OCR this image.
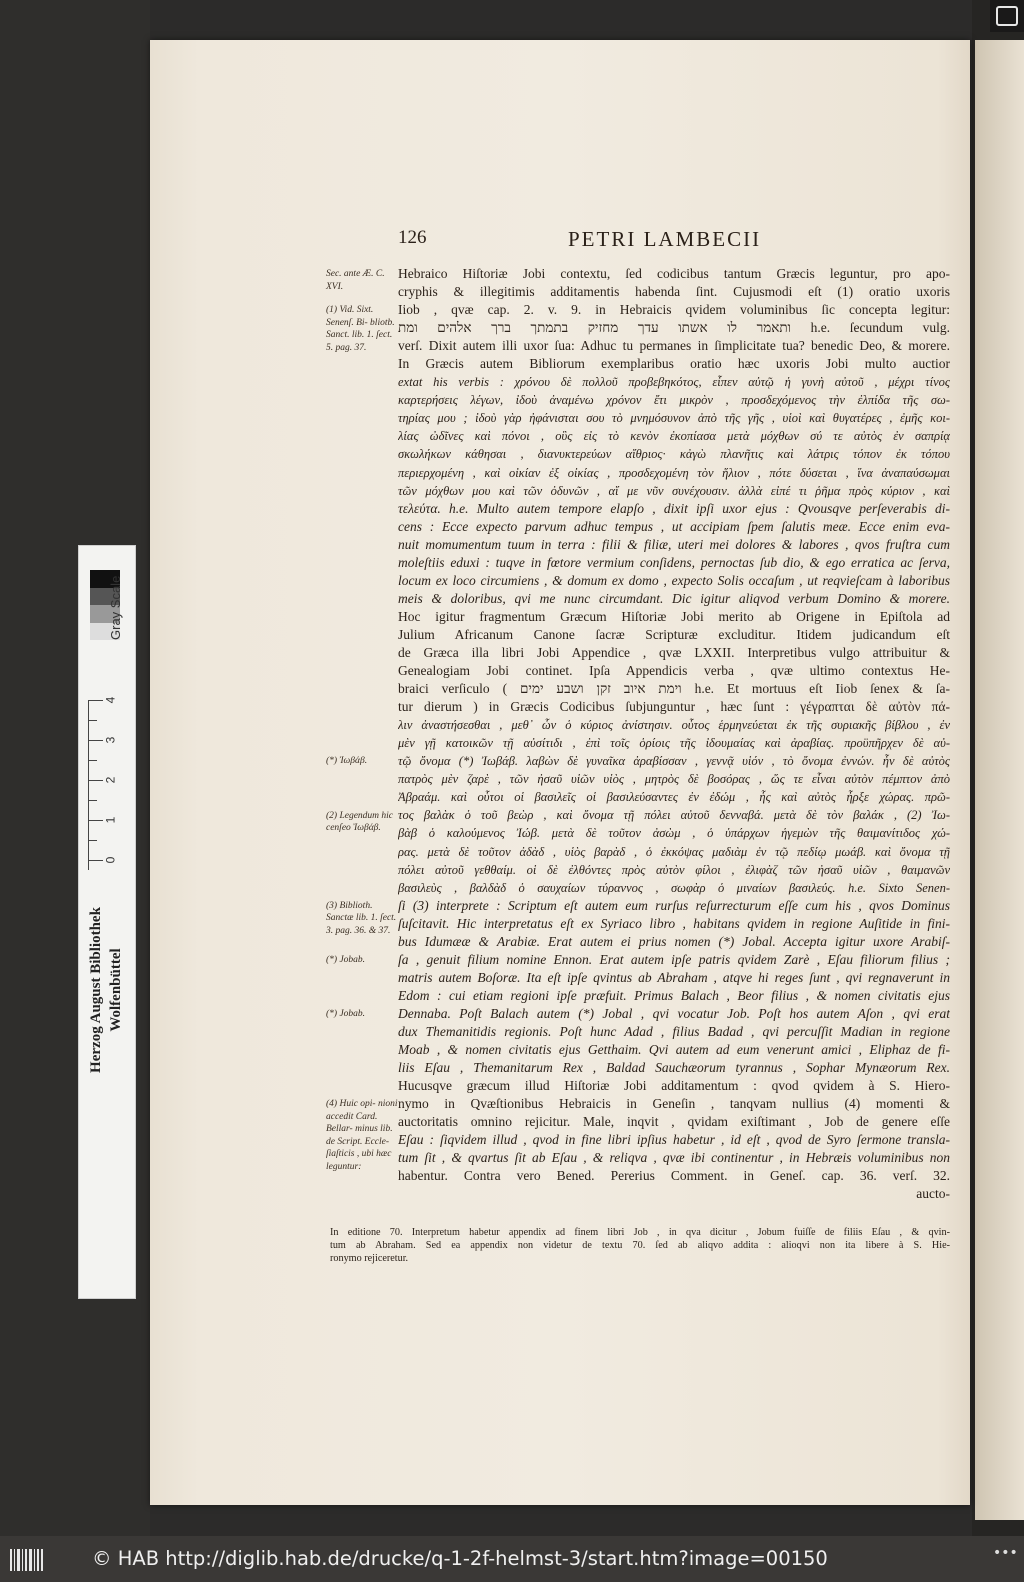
126	PETRI LAMBECII
Hebraico Hiſtoriæ Jobi contextu, ſed codicibus tantum Græcis leguntur, pro apo-
cryphis & illegitimis additamentis habenda ſint. Cujusmodi eſt (1) oratio uxoris
Iiob , qvæ cap. 2. v. 9. in Hebraicis qvidem voluminibus ſic concepta legitur:
ותאמר לו אשתו עדך מחזיק בתמתך ברך אלהים ומת h.e. ſecundum vulg.
verſ. Dixit autem illi uxor ſua: Adhuc tu permanes in ſimplicitate tua? benedic Deo, & morere.
In Græcis autem Bibliorum exemplaribus oratio hæc uxoris Jobi multo auctior
extat his verbis : χρόνου δὲ πολλοῦ προβεβηκότος, εἶπεν αὐτῷ ἡ γυνὴ αὐτοῦ , μέχρι τίνος
καρτερήσεις λέγων, ἰδοὺ ἀναμένω χρόνον ἔτι μικρὸν , προσδεχόμενος τὴν ἐλπίδα τῆς σω-
τηρίας μου ; ἰδοὺ γὰρ ἠφάνισται σου τὸ μνημόσυνον ἀπὸ τῆς γῆς , υἱοὶ καὶ θυγατέρες , ἐμῆς κοι-
λίας ὠδῖνες καὶ πόνοι , οὓς εἰς τὸ κενὸν ἐκοπίασα μετὰ μόχθων σύ τε αὐτὸς ἐν σαπρίᾳ
σκωλήκων κάθησαι , διανυκτερεύων αἴθριος· κἀγὼ πλανῆτις καὶ λάτρις τόπον ἐκ τόπου
περιερχομένη , καὶ οἰκίαν ἐξ οἰκίας , προσδεχομένη τὸν ἥλιον , πότε δύσεται , ἵνα ἀναπαύσωμαι
τῶν μόχθων μου καὶ τῶν ὀδυνῶν , αἵ με νῦν συνέχουσιν. ἀλλὰ εἰπέ τι ῥῆμα πρὸς κύριον , καὶ
τελεύτα. h.e. Multo autem tempore elapſo , dixit ipſi uxor ejus : Qvousqve perſeverabis di-
cens : Ecce expecto parvum adhuc tempus , ut accipiam ſpem ſalutis meæ. Ecce enim eva-
nuit momumentum tuum in terra : filii & filiæ, uteri mei dolores & labores , qvos fruſtra cum
moleſtiis eduxi : tuqve in fœtore vermium conſidens, pernoctas ſub dio, & ego erratica ac ſerva,
locum ex loco circumiens , & domum ex domo , expecto Solis occaſum , ut reqvieſcam à laboribus
meis & doloribus, qvi me nunc circumdant. Dic igitur aliqvod verbum Domino & morere.
Hoc igitur fragmentum Græcum Hiſtoriæ Jobi merito ab Origene in Epiſtola ad
Julium Africanum Canone ſacræ Scripturæ excluditur. Itidem judicandum eſt
de Græca illa libri Jobi Appendice , qvæ LXXII. Interpretibus vulgo attribuitur &
Genealogiam Jobi continet. Ipſa Appendicis verba , qvæ ultimo contextus He-
braici verſiculo ( וימת איוב זקן ושבע ימים h.e. Et mortuus eſt Iiob ſenex & ſa-
tur dierum ) in Græcis Codicibus ſubjunguntur , hæc ſunt : γέγραπται δὲ αὐτὸν πά-
λιν ἀναστήσεσθαι , μεθ᾽ ὧν ὁ κύριος ἀνίστησιν. οὗτος ἑρμηνεύεται ἐκ τῆς συριακῆς βίβλου , ἐν
μὲν γῇ κατοικῶν τῇ αὐσίτιδι , ἐπὶ τοῖς ὁρίοις τῆς ἰδουμαίας καὶ ἀραβίας. προϋπῆρχεν δὲ αὐ-
τῷ ὄνομα (*) Ἰωβάβ. λαβὼν δὲ γυναῖκα ἀραβίσσαν , γεννᾷ υἱόν , τὸ ὄνομα ἐννών. ἦν δὲ αὐτὸς
πατρὸς μὲν ζαρὲ , τῶν ἠσαῦ υἱῶν υἱὸς , μητρὸς δὲ βοσόρας , ὥς τε εἶναι αὐτὸν πέμπτον ἀπὸ
Ἀβραάμ. καὶ οὗτοι οἱ βασιλεῖς οἱ βασιλεύσαντες ἐν ἐδώμ , ἧς καὶ αὐτὸς ἦρξε χώρας. πρῶ-
τος βαλὰκ ὁ τοῦ βεὼρ , καὶ ὄνομα τῇ πόλει αὐτοῦ δενναβά. μετὰ δὲ τὸν βαλάκ , (2) Ἰω-
βὰβ ὁ καλούμενος Ἰώβ. μετὰ δὲ τοῦτον ἀσὼμ , ὁ ὑπάρχων ἡγεμὼν τῆς θαιμανίτιδος χώ-
ρας. μετὰ δὲ τοῦτον ἀδὰδ , υἱὸς βαρὰδ , ὁ ἐκκόψας μαδιὰμ ἐν τῷ πεδίῳ μωάβ. καὶ ὄνομα τῇ
πόλει αὐτοῦ γεθθαίμ. οἱ δὲ ἐλθόντες πρὸς αὐτὸν φίλοι , ἐλιφὰζ τῶν ἠσαῦ υἱῶν , θαιμανῶν
βασιλεὺς , βαλδὰδ ὁ σαυχαίων τύραννος , σωφὰρ ὁ μιναίων βασιλεύς. h.e. Sixto Senen-
ſi (3) interprete : Scriptum eſt autem eum rurſus reſurrecturum eſſe cum his , qvos Dominus
ſuſcitavit. Hic interpretatus eſt ex Syriaco libro , habitans qvidem in regione Auſitide in fini-
bus Idumææ & Arabiæ. Erat autem ei prius nomen (*) Jobal. Accepta igitur uxore Arabiſ-
ſa , genuit filium nomine Ennon. Erat autem ipſe patris qvidem Zarè , Eſau filiorum filius ;
matris autem Boſoræ. Ita eſt ipſe qvintus ab Abraham , atqve hi reges ſunt , qvi regnaverunt in
Edom : cui etiam regioni ipſe præfuit. Primus Balach , Beor filius , & nomen civitatis ejus
Dennaba. Poſt Balach autem (*) Jobal , qvi vocatur Job. Poſt hos autem Aſon , qvi erat
dux Themanitidis regionis. Poſt hunc Adad , filius Badad , qvi percuſſit Madian in regione
Moab , & nomen civitatis ejus Getthaim. Qvi autem ad eum venerunt amici , Eliphaz de fi-
liis Eſau , Themanitarum Rex , Baldad Sauchæorum tyrannus , Sophar Mynæorum Rex.
Hucusqve græcum illud Hiſtoriæ Jobi additamentum : qvod qvidem à S. Hiero-
nymo in Qvæſtionibus Hebraicis in Geneſin , tanqvam nullius (4) momenti &
auctoritatis omnino rejicitur. Male, inqvit , qvidam exiſtimant , Job de genere eſſe
Eſau : ſiqvidem illud , qvod in fine libri ipſius habetur , id eſt , qvod de Syro ſermone transla-
tum ſit , & qvartus ſit ab Eſau , & reliqva , qvæ ibi continentur , in Hebræis voluminibus non
habentur. Contra vero Bened. Pererius Comment. in Geneſ. cap. 36. verſ. 32.
aucto-
Sec. ante Æ. C. XVI.
(1) Vid. Sixt. Senenſ. Bi- bliotb. Sanct. lib. 1. ſect. 5. pag. 37.
(*) Ἰωβάβ.
(2) Legendum hic cenſeo Ἰωβάβ.
(3) Biblioth. Sanctæ lib. 1. ſect. 3. pag. 36. & 37.
(*) Jobab.
(*) Jobab.
(4) Huic opi- nioni accedit Card. Bellar- minus lib. de Script. Eccle- ſiaſticis , ubi hæc leguntur:
In editione 70. Interpretum habetur appendix ad finem libri Job , in qva dicitur , Jobum fuiſſe de filiis Eſau , & qvin-
tum ab Abraham. Sed ea appendix non videtur de textu 70. ſed ab aliqvo addita : alioqvi non ita libere à S. Hie-
ronymo rejiceretur.
Gray Scale
0
1
2
3
4
Herzog August Bibliothek Wolfenbüttel
© HAB http://diglib.hab.de/drucke/q-1-2f-helmst-3/start.htm?image=00150	•••
